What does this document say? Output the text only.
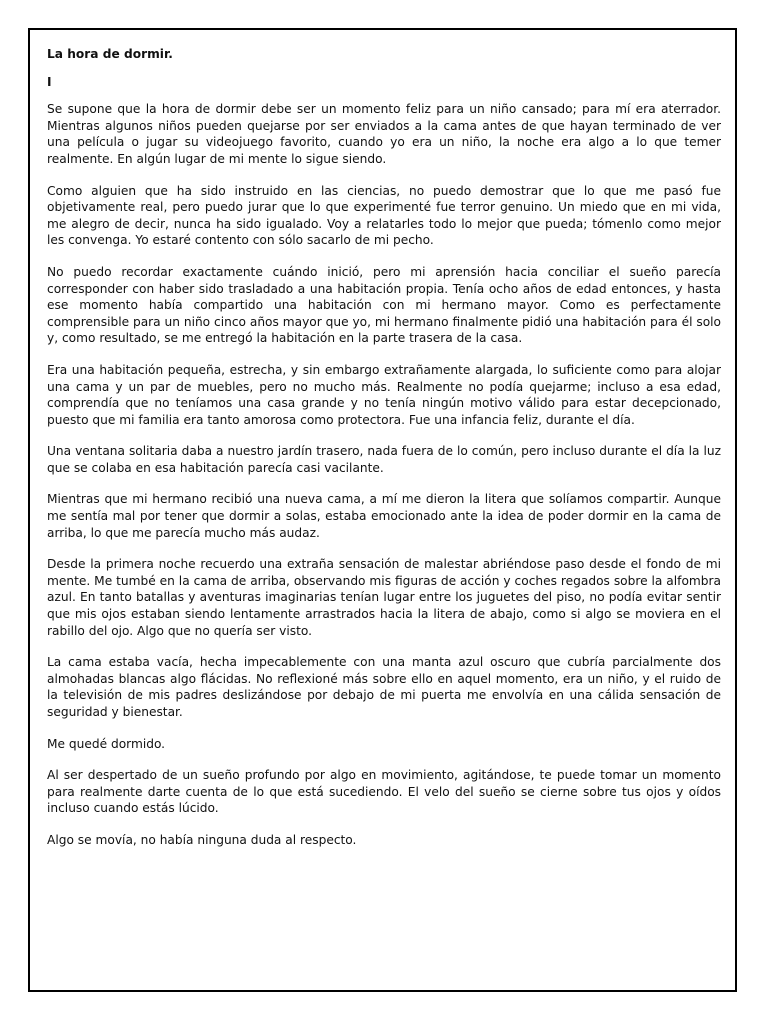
La hora de dormir.
I

Se supone que la hora de dormir debe ser un momento feliz para un niño cansado; para mí era aterrador. Mientras algunos niños pueden quejarse por ser enviados a la cama antes de que hayan terminado de ver una película o jugar su videojuego favorito, cuando yo era un niño, la noche era algo a lo que temer realmente. En algún lugar de mi mente lo sigue siendo.

Como alguien que ha sido instruido en las ciencias, no puedo demostrar que lo que me pasó fue objetivamente real, pero puedo jurar que lo que experimenté fue terror genuino. Un miedo que en mi vida, me alegro de decir, nunca ha sido igualado. Voy a relatarles todo lo mejor que pueda; tómenlo como mejor les convenga. Yo estaré contento con sólo sacarlo de mi pecho.

No puedo recordar exactamente cuándo inició, pero mi aprensión hacia conciliar el sueño parecía corresponder con haber sido trasladado a una habitación propia. Tenía ocho años de edad entonces, y hasta ese momento había compartido una habitación con mi hermano mayor. Como es perfectamente comprensible para un niño cinco años mayor que yo, mi hermano finalmente pidió una habitación para él solo y, como resultado, se me entregó la habitación en la parte trasera de la casa.

Era una habitación pequeña, estrecha, y sin embargo extrañamente alargada, lo suficiente como para alojar una cama y un par de muebles, pero no mucho más. Realmente no podía quejarme; incluso a esa edad, comprendía que no teníamos una casa grande y no tenía ningún motivo válido para estar decepcionado, puesto que mi familia era tanto amorosa como protectora. Fue una infancia feliz, durante el día.

Una ventana solitaria daba a nuestro jardín trasero, nada fuera de lo común, pero incluso durante el día la luz que se colaba en esa habitación parecía casi vacilante.

Mientras que mi hermano recibió una nueva cama, a mí me dieron la litera que solíamos compartir. Aunque me sentía mal por tener que dormir a solas, estaba emocionado ante la idea de poder dormir en la cama de arriba, lo que me parecía mucho más audaz.

Desde la primera noche recuerdo una extraña sensación de malestar abriéndose paso desde el fondo de mi mente. Me tumbé en la cama de arriba, observando mis figuras de acción y coches regados sobre la alfombra azul. En tanto batallas y aventuras imaginarias tenían lugar entre los juguetes del piso, no podía evitar sentir que mis ojos estaban siendo lentamente arrastrados hacia la litera de abajo, como si algo se moviera en el rabillo del ojo. Algo que no quería ser visto.

La cama estaba vacía, hecha impecablemente con una manta azul oscuro que cubría parcialmente dos almohadas blancas algo flácidas. No reflexioné más sobre ello en aquel momento, era un niño, y el ruido de la televisión de mis padres deslizándose por debajo de mi puerta me envolvía en una cálida sensación de seguridad y bienestar.

Me quedé dormido.

Al ser despertado de un sueño profundo por algo en movimiento, agitándose, te puede tomar un momento para realmente darte cuenta de lo que está sucediendo. El velo del sueño se cierne sobre tus ojos y oídos incluso cuando estás lúcido.

Algo se movía, no había ninguna duda al respecto.
